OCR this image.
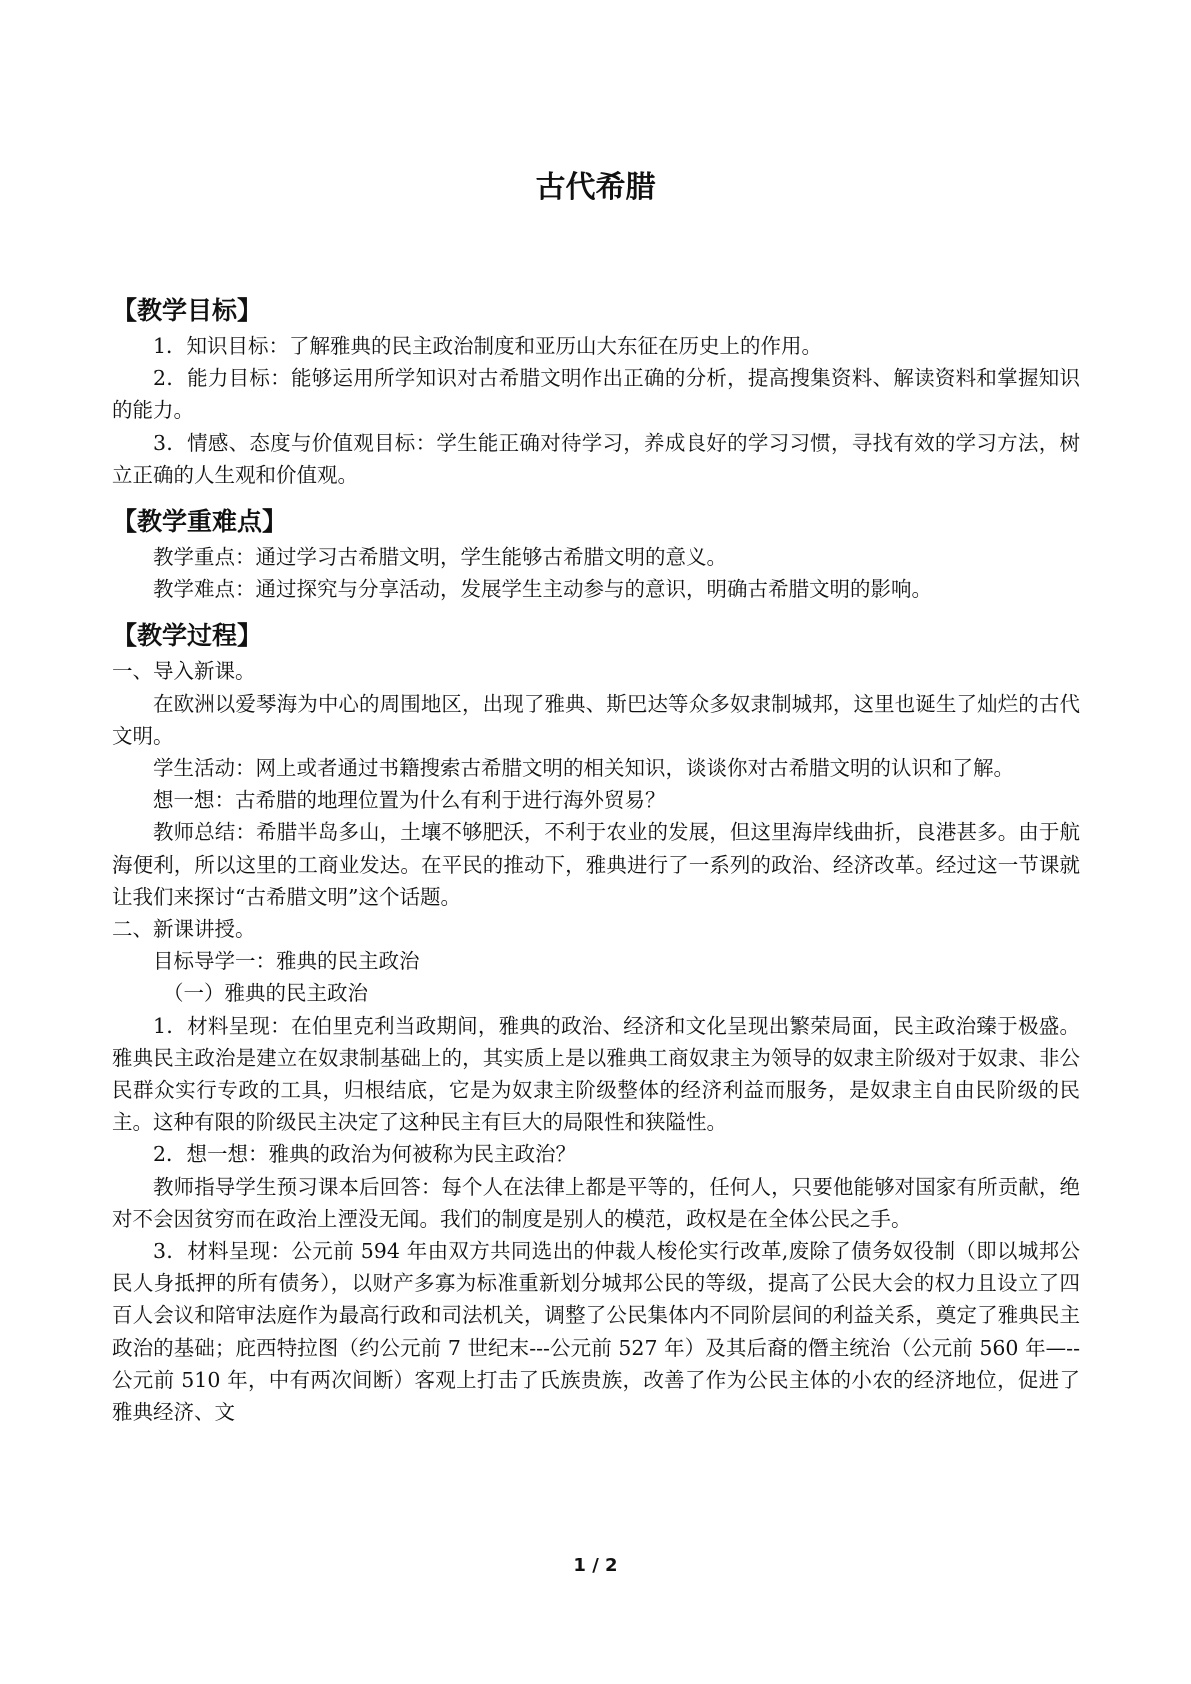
古代希腊
【教学目标】

1．知识目标：了解雅典的民主政治制度和亚历山大东征在历史上的作用。

2．能力目标：能够运用所学知识对古希腊文明作出正确的分析，提高搜集资料、解读资料和掌握知识的能力。

3．情感、态度与价值观目标：学生能正确对待学习，养成良好的学习习惯，寻找有效的学习方法，树立正确的人生观和价值观。

【教学重难点】

教学重点：通过学习古希腊文明，学生能够古希腊文明的意义。

教学难点：通过探究与分享活动，发展学生主动参与的意识，明确古希腊文明的影响。

【教学过程】

一、导入新课。

在欧洲以爱琴海为中心的周围地区，出现了雅典、斯巴达等众多奴隶制城邦，这里也诞生了灿烂的古代文明。

学生活动：网上或者通过书籍搜索古希腊文明的相关知识，谈谈你对古希腊文明的认识和了解。

想一想：古希腊的地理位置为什么有利于进行海外贸易？

教师总结：希腊半岛多山，土壤不够肥沃，不利于农业的发展，但这里海岸线曲折，良港甚多。由于航海便利，所以这里的工商业发达。在平民的推动下，雅典进行了一系列的政治、经济改革。经过这一节课就让我们来探讨“古希腊文明”这个话题。

二、新课讲授。

目标导学一：雅典的民主政治

（一）雅典的民主政治

1．材料呈现：在伯里克利当政期间，雅典的政治、经济和文化呈现出繁荣局面，民主政治臻于极盛。雅典民主政治是建立在奴隶制基础上的，其实质上是以雅典工商奴隶主为领导的奴隶主阶级对于奴隶、非公民群众实行专政的工具，归根结底，它是为奴隶主阶级整体的经济利益而服务，是奴隶主自由民阶级的民主。这种有限的阶级民主决定了这种民主有巨大的局限性和狭隘性。

2．想一想：雅典的政治为何被称为民主政治？

教师指导学生预习课本后回答：每个人在法律上都是平等的，任何人，只要他能够对国家有所贡献，绝对不会因贫穷而在政治上湮没无闻。我们的制度是别人的模范，政权是在全体公民之手。

3．材料呈现：公元前 594 年由双方共同选出的仲裁人梭伦实行改革,废除了债务奴役制（即以城邦公民人身抵押的所有债务），以财产多寡为标准重新划分城邦公民的等级，提高了公民大会的权力且设立了四百人会议和陪审法庭作为最高行政和司法机关，调整了公民集体内不同阶层间的利益关系，奠定了雅典民主政治的基础；庇西特拉图（约公元前 7 世纪末---公元前 527 年）及其后裔的僭主统治（公元前 560 年—--公元前 510 年，中有两次间断）客观上打击了氏族贵族，改善了作为公民主体的小农的经济地位，促进了雅典经济、文

1 / 2
